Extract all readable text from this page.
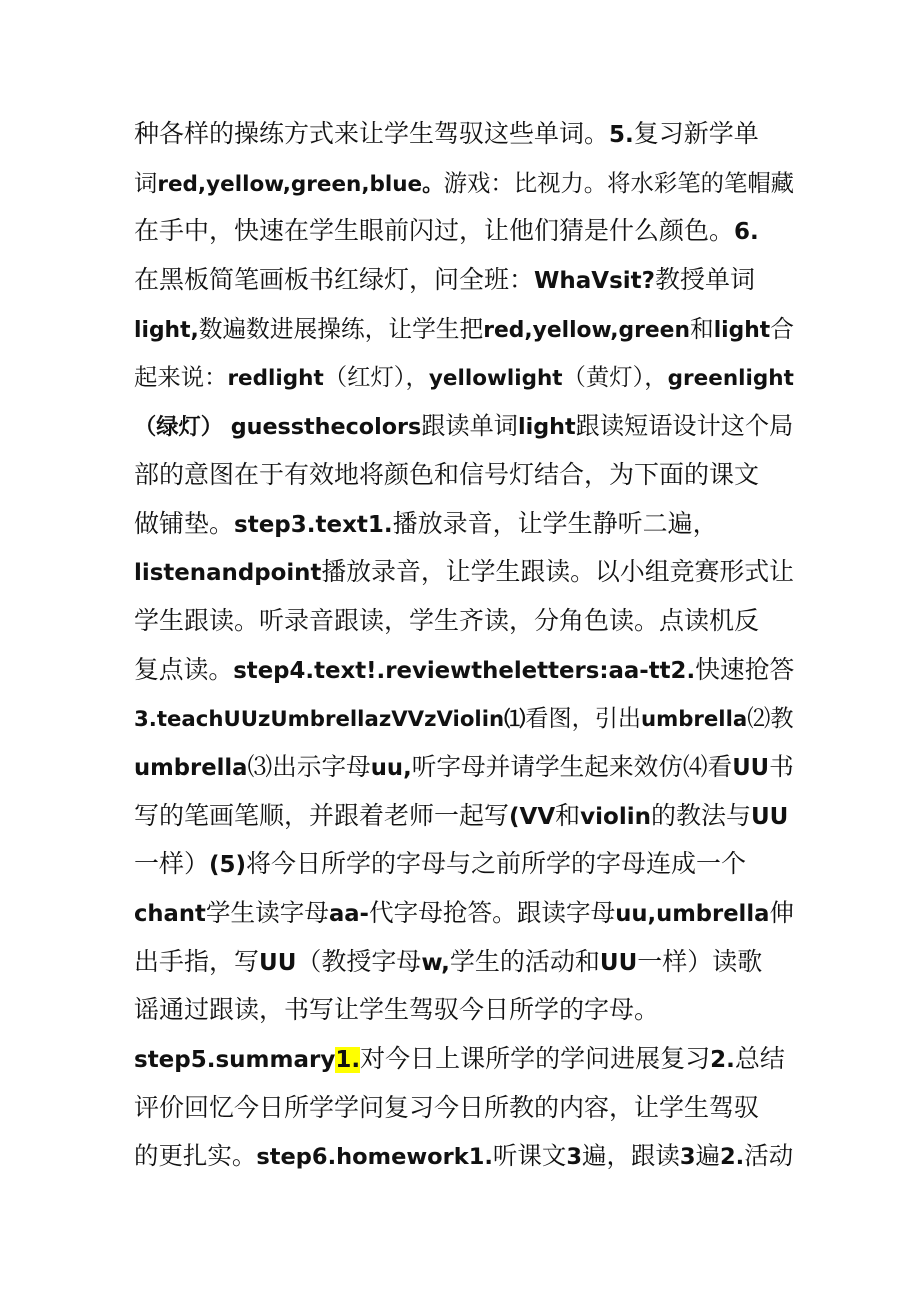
种各样的操练方式来让学生驾驭这些单词。5.复习新学单
词red,yellow,green,blue。游戏：比视力。将水彩笔的笔帽藏
在手中，快速在学生眼前闪过，让他们猜是什么颜色。6.
在黑板简笔画板书红绿灯，问全班：WhaVsit?教授单词
light,数遍数进展操练，让学生把red,yellow,green和light合
起来说：redlight（红灯），yellowlight（黄灯），greenlight
（绿灯） guessthecolors跟读单词light跟读短语设计这个局
部的意图在于有效地将颜色和信号灯结合，为下面的课文
做铺垫。step3.text1.播放录音，让学生静听二遍，
listenandpoint播放录音，让学生跟读。以小组竞赛形式让
学生跟读。听录音跟读，学生齐读，分角色读。点读机反
复点读。step4.text!.reviewtheletters:aa-tt2.快速抢答
3.teachUUzUmbrellazVVzViolin⑴看图，引出umbrella⑵教
umbrella⑶出示字母uu,听字母并请学生起来效仿⑷看UU书
写的笔画笔顺，并跟着老师一起写(VV和violin的教法与UU
一样）(5)将今日所学的字母与之前所学的字母连成一个
chant学生读字母aa-代字母抢答。跟读字母uu,umbrella伸
出手指，写UU（教授字母w,学生的活动和UU一样）读歌
谣通过跟读，书写让学生驾驭今日所学的字母。
step5.summary1.对今日上课所学的学问进展复习2.总结
评价回忆今日所学学问复习今日所教的内容，让学生驾驭
的更扎实。step6.homework1.听课文3遍，跟读3遍2.活动
